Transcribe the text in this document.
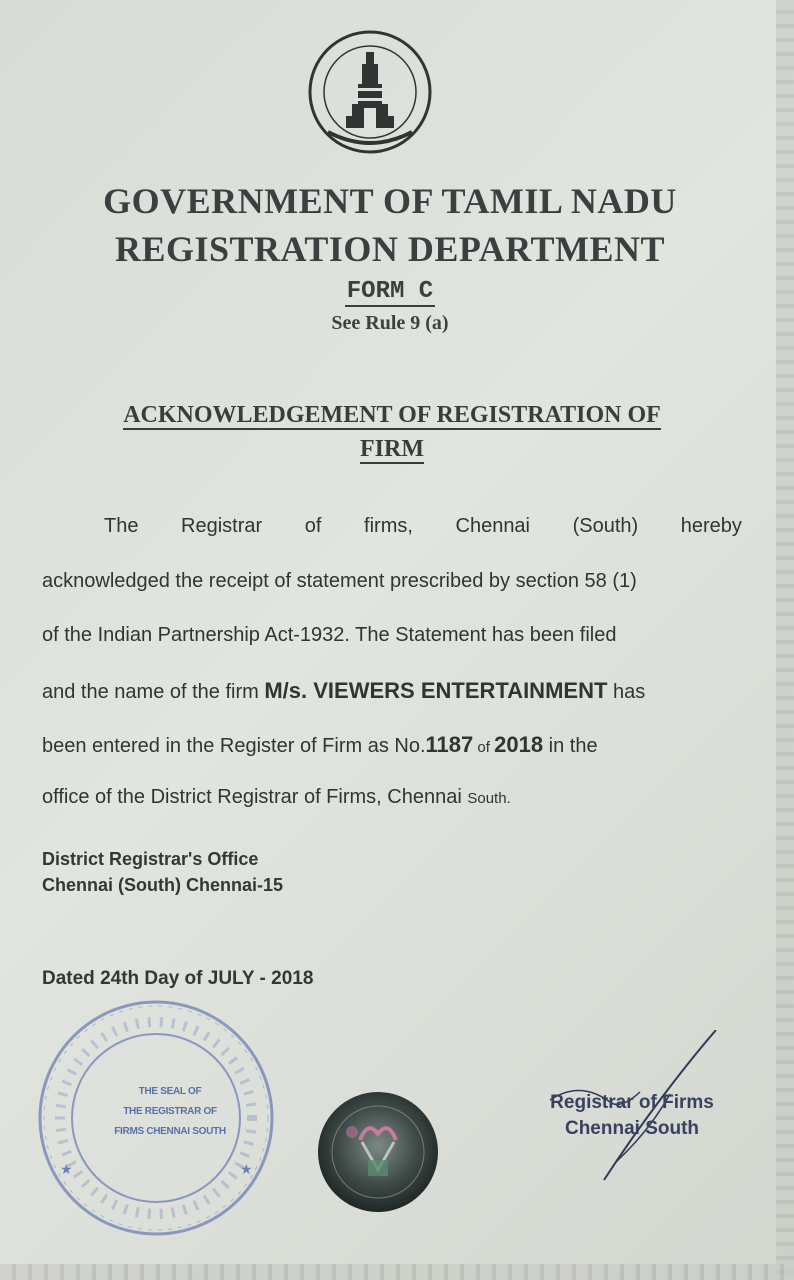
GOVERNMENT OF TAMIL NADU
REGISTRATION DEPARTMENT
FORM C
See Rule 9 (a)
ACKNOWLEDGEMENT OF REGISTRATION OF
FIRM
The Registrar of firms, Chennai (South) hereby
acknowledged the receipt of statement prescribed by section 58 (1)
of the Indian Partnership Act-1932. The Statement has been filed
and the name of the firm M/s. VIEWERS ENTERTAINMENT has
been entered in the Register of Firm as No.1187 of 2018 in the
office of the District Registrar of Firms, Chennai South.
District Registrar's Office
Chennai (South) Chennai-15
Dated 24th Day of JULY - 2018
★	★
THE SEAL OF
THE REGISTRAR OF
FIRMS CHENNAI SOUTH
Registrar of Firms
Chennai South
